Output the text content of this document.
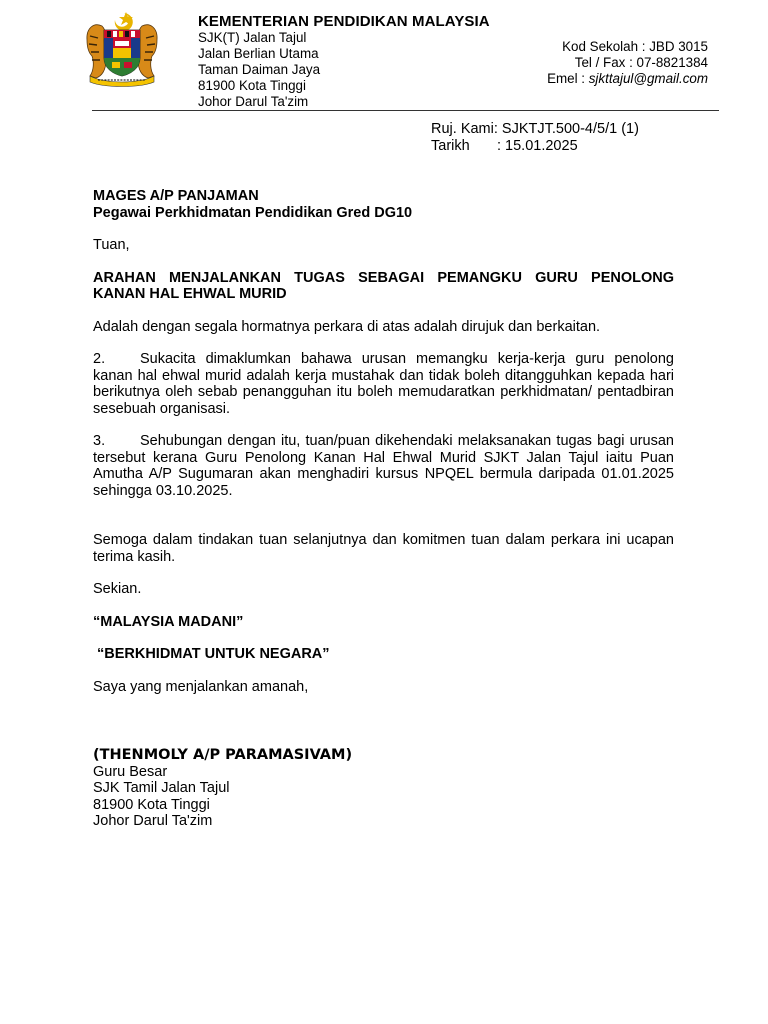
KEMENTERIAN PENDIDIKAN MALAYSIA
SJK(T) Jalan Tajul
Jalan Berlian Utama
Taman Daiman Jaya
81900 Kota Tinggi
Johor Darul Ta'zim
Kod Sekolah : JBD 3015
Tel / Fax : 07-8821384
Emel : sjkttajul@gmail.com
Ruj. Kami: SJKTJT.500-4/5/1 (1)
Tarikh : 15.01.2025

MAGES A/P PANJAMAN

Pegawai Perkhidmatan Pendidikan Gred DG10

Tuan,

ARAHAN MENJALANKAN TUGAS SEBAGAI PEMANGKU GURU PENOLONG KANAN HAL EHWAL MURID

Adalah dengan segala hormatnya perkara di atas adalah dirujuk dan berkaitan.

2. Sukacita dimaklumkan bahawa urusan memangku kerja-kerja guru penolong kanan hal ehwal murid adalah kerja mustahak dan tidak boleh ditangguhkan kepada hari berikutnya oleh sebab penangguhan itu boleh memudaratkan perkhidmatan/ pentadbiran sesebuah organisasi.

3. Sehubungan dengan itu, tuan/puan dikehendaki melaksanakan tugas bagi urusan tersebut kerana Guru Penolong Kanan Hal Ehwal Murid SJKT Jalan Tajul iaitu Puan Amutha A/P Sugumaran akan menghadiri kursus NPQEL bermula daripada 01.01.2025 sehingga 03.10.2025.

Semoga dalam tindakan tuan selanjutnya dan komitmen tuan dalam perkara ini ucapan terima kasih.

Sekian.

“MALAYSIA MADANI”

“BERKHIDMAT UNTUK NEGARA”

Saya yang menjalankan amanah,

(THENMOLY A/P PARAMASIVAM)

Guru Besar

SJK Tamil Jalan Tajul

81900 Kota Tinggi

Johor Darul Ta'zim
